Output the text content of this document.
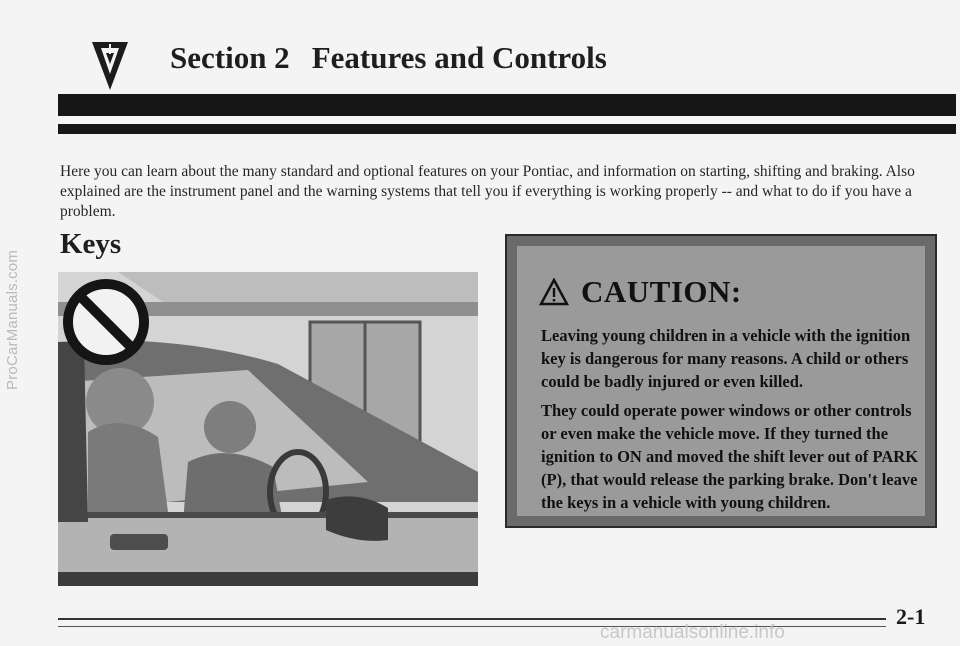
ProCarManuals.com
Section 2 Features and Controls
Here you can learn about the many standard and optional features on your Pontiac, and information on starting, shifting and braking. Also explained are the instrument panel and the warning systems that tell you if everything is working properly -- and what to do if you have a problem.
Keys
CAUTION:

Leaving young children in a vehicle with the ignition key is dangerous for many reasons. A child or others could be badly injured or even killed.

They could operate power windows or other controls or even make the vehicle move. If they turned the ignition to ON and moved the shift lever out of PARK (P), that would release the parking brake. Don't leave the keys in a vehicle with young children.

2-1
carmanualsonline.info
